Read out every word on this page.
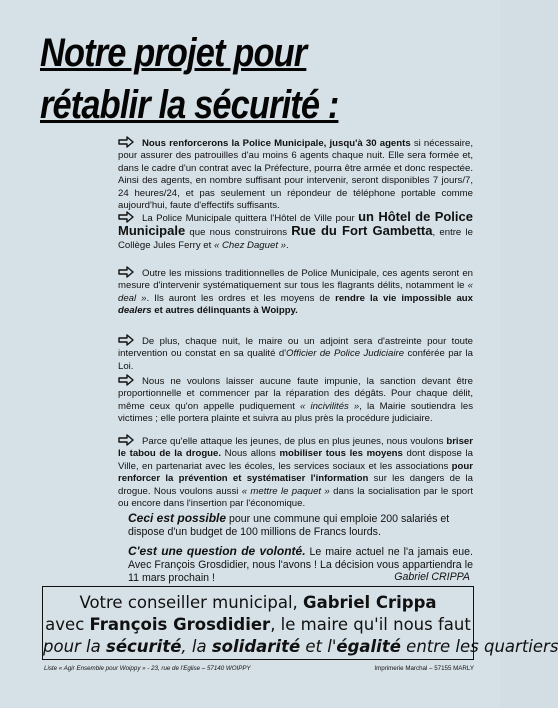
Notre projet pour
rétablir la sécurité :
Nous renforcerons la Police Municipale, jusqu'à 30 agents si nécessaire, pour assurer des patrouilles d'au moins 6 agents chaque nuit. Elle sera formée et, dans le cadre d'un contrat avec la Préfecture, pourra être armée et donc respectée. Ainsi des agents, en nombre suffisant pour intervenir, seront disponibles 7 jours/7, 24 heures/24, et pas seulement un répondeur de téléphone portable comme aujourd'hui, faute d'effectifs suffisants.
La Police Municipale quittera l'Hôtel de Ville pour un Hôtel de Police Municipale que nous construirons Rue du Fort Gambetta, entre le Collège Jules Ferry et « Chez Daguet ».
Outre les missions traditionnelles de Police Municipale, ces agents seront en mesure d'intervenir systématiquement sur tous les flagrants délits, notamment le « deal ». Ils auront les ordres et les moyens de rendre la vie impossible aux dealers et autres délinquants à Woippy.
De plus, chaque nuit, le maire ou un adjoint sera d'astreinte pour toute intervention ou constat en sa qualité d'Officier de Police Judiciaire conférée par la Loi.
Nous ne voulons laisser aucune faute impunie, la sanction devant être proportionnelle et commencer par la réparation des dégâts. Pour chaque délit, même ceux qu'on appelle pudiquement « incivilités », la Mairie soutiendra les victimes ; elle portera plainte et suivra au plus près la procédure judiciaire.
Parce qu'elle attaque les jeunes, de plus en plus jeunes, nous voulons briser le tabou de la drogue. Nous allons mobiliser tous les moyens dont dispose la Ville, en partenariat avec les écoles, les services sociaux et les associations pour renforcer la prévention et systématiser l'information sur les dangers de la drogue. Nous voulons aussi « mettre le paquet » dans la socialisation par le sport ou encore dans l'insertion par l'économique.
Ceci est possible pour une commune qui emploie 200 salariés et dispose d'un budget de 100 millions de Francs lourds.
C'est une question de volonté. Le maire actuel ne l'a jamais eue. Avec François Grosdidier, nous l'avons ! La décision vous appartiendra le 11 mars prochain !	Gabriel CRIPPA
Votre conseiller municipal, Gabriel Crippa
avec François Grosdidier, le maire qu'il nous faut
pour la sécurité, la solidarité et l'égalité entre les quartiers
Liste « Agir Ensemble pour Woippy » - 23, rue de l'Eglise – 57140 WOIPPY	Imprimerie Marchal – 57155 MARLY
